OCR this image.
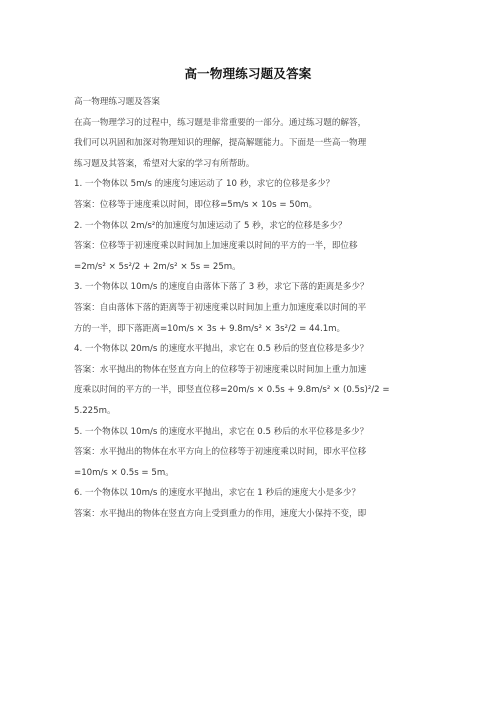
高一物理练习题及答案

高一物理练习题及答案

在高一物理学习的过程中，练习题是非常重要的一部分。通过练习题的解答，

我们可以巩固和加深对物理知识的理解，提高解题能力。下面是一些高一物理

练习题及其答案，希望对大家的学习有所帮助。

1. 一个物体以 5m/s 的速度匀速运动了 10 秒，求它的位移是多少？

答案：位移等于速度乘以时间，即位移=5m/s × 10s = 50m。

2. 一个物体以 2m/s²的加速度匀加速运动了 5 秒，求它的位移是多少？

答案：位移等于初速度乘以时间加上加速度乘以时间的平方的一半，即位移

=2m/s² × 5s²/2 + 2m/s² × 5s = 25m。

3. 一个物体以 10m/s 的速度自由落体下落了 3 秒，求它下落的距离是多少？

答案：自由落体下落的距离等于初速度乘以时间加上重力加速度乘以时间的平

方的一半，即下落距离=10m/s × 3s + 9.8m/s² × 3s²/2 = 44.1m。

4. 一个物体以 20m/s 的速度水平抛出，求它在 0.5 秒后的竖直位移是多少？

答案：水平抛出的物体在竖直方向上的位移等于初速度乘以时间加上重力加速

度乘以时间的平方的一半，即竖直位移=20m/s × 0.5s + 9.8m/s² × (0.5s)²/2 =

5.225m。

5. 一个物体以 10m/s 的速度水平抛出，求它在 0.5 秒后的水平位移是多少？

答案：水平抛出的物体在水平方向上的位移等于初速度乘以时间，即水平位移

=10m/s × 0.5s = 5m。

6. 一个物体以 10m/s 的速度水平抛出，求它在 1 秒后的速度大小是多少？

答案：水平抛出的物体在竖直方向上受到重力的作用，速度大小保持不变，即
